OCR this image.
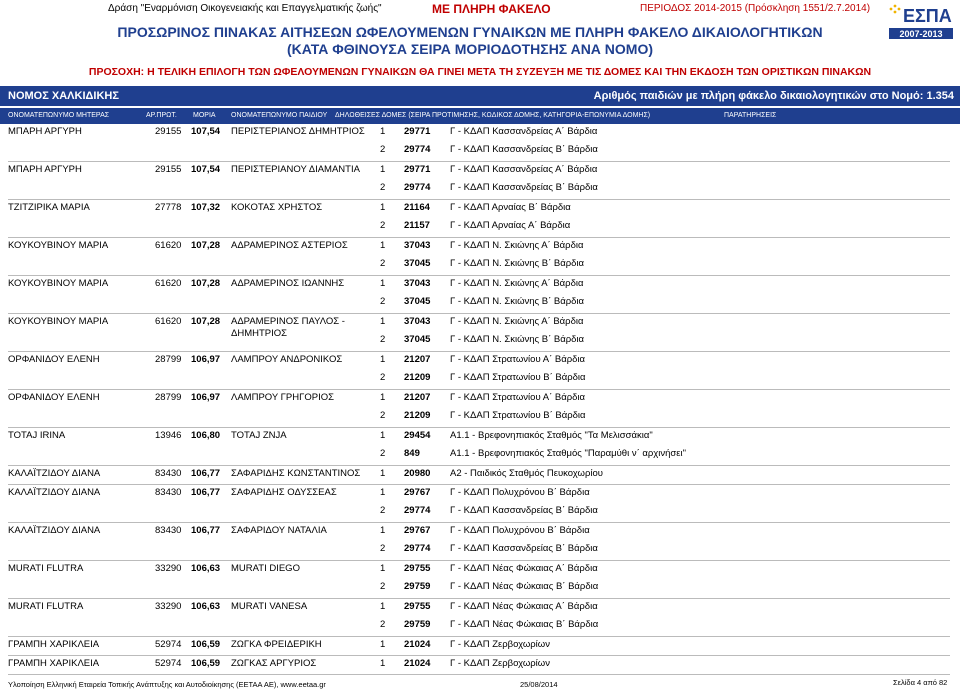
Δράση "Εναρμόνιση Οικογενειακής και Επαγγελματικής ζωής"	ΜΕ ΠΛΗΡΗ ΦΑΚΕΛΟ	ΠΕΡΙΟΔΟΣ 2014-2015 (Πρόσκληση 1551/2.7.2014) ΕΣΠΑ
2007-2013
ΠΡΟΣΩΡΙΝΟΣ ΠΙΝΑΚΑΣ ΑΙΤΗΣΕΩΝ ΩΦΕΛΟΥΜΕΝΩΝ ΓΥΝΑΙΚΩΝ ΜΕ ΠΛΗΡΗ ΦΑΚΕΛΟ ΔΙΚΑΙΟΛΟΓΗΤΙΚΩΝ
(ΚΑΤΑ ΦΘΙΝΟΥΣΑ ΣΕΙΡΑ ΜΟΡΙΟΔΟΤΗΣΗΣ ΑΝΑ ΝΟΜΟ)
ΠΡΟΣΟΧΗ: Η ΤΕΛΙΚΗ ΕΠΙΛΟΓΗ ΤΩΝ ΩΦΕΛΟΥΜΕΝΩΝ ΓΥΝΑΙΚΩΝ ΘΑ ΓΙΝΕΙ ΜΕΤΑ ΤΗ ΣΥΖΕΥΞΗ ΜΕ ΤΙΣ ΔΟΜΕΣ ΚΑΙ ΤΗΝ ΕΚΔΟΣΗ ΤΩΝ ΟΡΙΣΤΙΚΩΝ ΠΙΝΑΚΩΝ
ΝΟΜΟΣ ΧΑΛΚΙΔΙΚΗΣ	Αριθμός παιδιών με πλήρη φάκελο δικαιολογητικών στο Νομό: 1.354
ΟΝΟΜΑΤΕΠΩΝΥΜΟ ΜΗΤΕΡΑΣ	ΑΡ.ΠΡΩΤ. ΜΟΡΙΑ ΟΝΟΜΑΤΕΠΩΝΥΜΟ ΠΑΙΔΙΟΥ ΔΗΛΩΘΕΙΣΕΣ ΔΟΜΕΣ (ΣΕΙΡΑ ΠΡΟΤΙΜΗΣΗΣ, ΚΩΔΙΚΟΣ ΔΟΜΗΣ, ΚΑΤΗΓΟΡΙΑ-ΕΠΩΝΥΜΙΑ ΔΟΜΗΣ)	ΠΑΡΑΤΗΡΗΣΕΙΣ
ΜΠΑΡΗ ΑΡΓΥΡΗ	29155 107,54 ΠΕΡΙΣΤΕΡΙΑΝΟΣ ΔΗΜΗΤΡΙΟΣ 1 29771 Γ - ΚΔΑΠ Κασσανδρείας Α΄ Βάρδια
2 29774 Γ - ΚΔΑΠ Κασσανδρείας Β΄ Βάρδια
ΜΠΑΡΗ ΑΡΓΥΡΗ	29155 107,54 ΠΕΡΙΣΤΕΡΙΑΝΟΥ ΔΙΑΜΑΝΤΙΑ 1 29771 Γ - ΚΔΑΠ Κασσανδρείας Α΄ Βάρδια
2 29774 Γ - ΚΔΑΠ Κασσανδρείας Β΄ Βάρδια
ΤΖΙΤΖΙΡΙΚΑ ΜΑΡΙΑ	27778 107,32 ΚΟΚΟΤΑΣ ΧΡΗΣΤΟΣ	1 21164 Γ - ΚΔΑΠ Αρναίας Β΄ Βάρδια
2 21157 Γ - ΚΔΑΠ Αρναίας Α΄ Βάρδια
ΚΟΥΚΟΥΒΙΝΟΥ ΜΑΡΙΑ	61620 107,28 ΑΔΡΑΜΕΡΙΝΟΣ ΑΣΤΕΡΙΟΣ	1 37043 Γ - ΚΔΑΠ Ν. Σκιώνης Α΄ Βάρδια
2 37045 Γ - ΚΔΑΠ Ν. Σκιώνης Β΄ Βάρδια
ΚΟΥΚΟΥΒΙΝΟΥ ΜΑΡΙΑ	61620 107,28 ΑΔΡΑΜΕΡΙΝΟΣ ΙΩΑΝΝΗΣ	1 37043 Γ - ΚΔΑΠ Ν. Σκιώνης Α΄ Βάρδια
2 37045 Γ - ΚΔΑΠ Ν. Σκιώνης Β΄ Βάρδια
ΚΟΥΚΟΥΒΙΝΟΥ ΜΑΡΙΑ	61620 107,28 ΑΔΡΑΜΕΡΙΝΟΣ ΠΑΥΛΟΣ -
ΔΗΜΗΤΡΙΟΣ
1 37043 Γ - ΚΔΑΠ Ν. Σκιώνης Α΄ Βάρδια
2 37045 Γ - ΚΔΑΠ Ν. Σκιώνης Β΄ Βάρδια
ΟΡΦΑΝΙΔΟΥ ΕΛΕΝΗ	28799 106,97 ΛΑΜΠΡΟΥ ΑΝΔΡΟΝΙΚΟΣ	1 21207 Γ - ΚΔΑΠ Στρατωνίου Α΄ Βάρδια
2 21209 Γ - ΚΔΑΠ Στρατωνίου Β΄ Βάρδια
ΟΡΦΑΝΙΔΟΥ ΕΛΕΝΗ	28799 106,97 ΛΑΜΠΡΟΥ ΓΡΗΓΟΡΙΟΣ	1 21207 Γ - ΚΔΑΠ Στρατωνίου Α΄ Βάρδια
2 21209 Γ - ΚΔΑΠ Στρατωνίου Β΄ Βάρδια
ΤΟΤΑJ IRINA	13946 106,80 ΤΟΤΑJ ZNJA	1 29454 Α1.1 - Βρεφονηπιακός Σταθμός "Τα Μελισσάκια"
2 849	Α1.1 - Βρεφονηπιακός Σταθμός "Παραμύθι ν΄ αρχινήσει"
ΚΑΛΑΪΤΖΙΔΟΥ ΔΙΑΝΑ	83430 106,77 ΣΑΦΑΡΙΔΗΣ ΚΩΝΣΤΑΝΤΙΝΟΣ 1 20980 Α2 - Παιδικός Σταθμός Πευκοχωρίου
ΚΑΛΑΪΤΖΙΔΟΥ ΔΙΑΝΑ	83430 106,77 ΣΑΦΑΡΙΔΗΣ ΟΔΥΣΣΕΑΣ	1 29767 Γ - ΚΔΑΠ Πολυχρόνου Β΄ Βάρδια
2 29774 Γ - ΚΔΑΠ Κασσανδρείας Β΄ Βάρδια
ΚΑΛΑΪΤΖΙΔΟΥ ΔΙΑΝΑ	83430 106,77 ΣΑΦΑΡΙΔΟΥ ΝΑΤΑΛΙΑ	1 29767 Γ - ΚΔΑΠ Πολυχρόνου Β΄ Βάρδια
2 29774 Γ - ΚΔΑΠ Κασσανδρείας Β΄ Βάρδια
MURATI FLUTRA	33290 106,63 MURATI DIEGO	1 29755 Γ - ΚΔΑΠ Νέας Φώκαιας Α΄ Βάρδια
2 29759 Γ - ΚΔΑΠ Νέας Φώκαιας Β΄ Βάρδια
MURATI FLUTRA	33290 106,63 MURATI VANESA	1 29755 Γ - ΚΔΑΠ Νέας Φώκαιας Α΄ Βάρδια
2 29759 Γ - ΚΔΑΠ Νέας Φώκαιας Β΄ Βάρδια
ΓΡΑΜΠΗ ΧΑΡΙΚΛΕΙΑ	52974 106,59 ΖΩΓΚΑ ΦΡΕΙΔΕΡΙΚΗ	1 21024 Γ - ΚΔΑΠ Ζερβοχωρίων
ΓΡΑΜΠΗ ΧΑΡΙΚΛΕΙΑ	52974 106,59 ΖΩΓΚΑΣ ΑΡΓΥΡΙΟΣ	1 21024 Γ - ΚΔΑΠ Ζερβοχωρίων
Υλοποίηση Ελληνική Εταιρεία Τοπικής Ανάπτυξης και Αυτοδιοίκησης (ΕΕΤΑΑ ΑΕ), www.eetaa.gr	25/08/2014	Σελίδα 4 από 82
